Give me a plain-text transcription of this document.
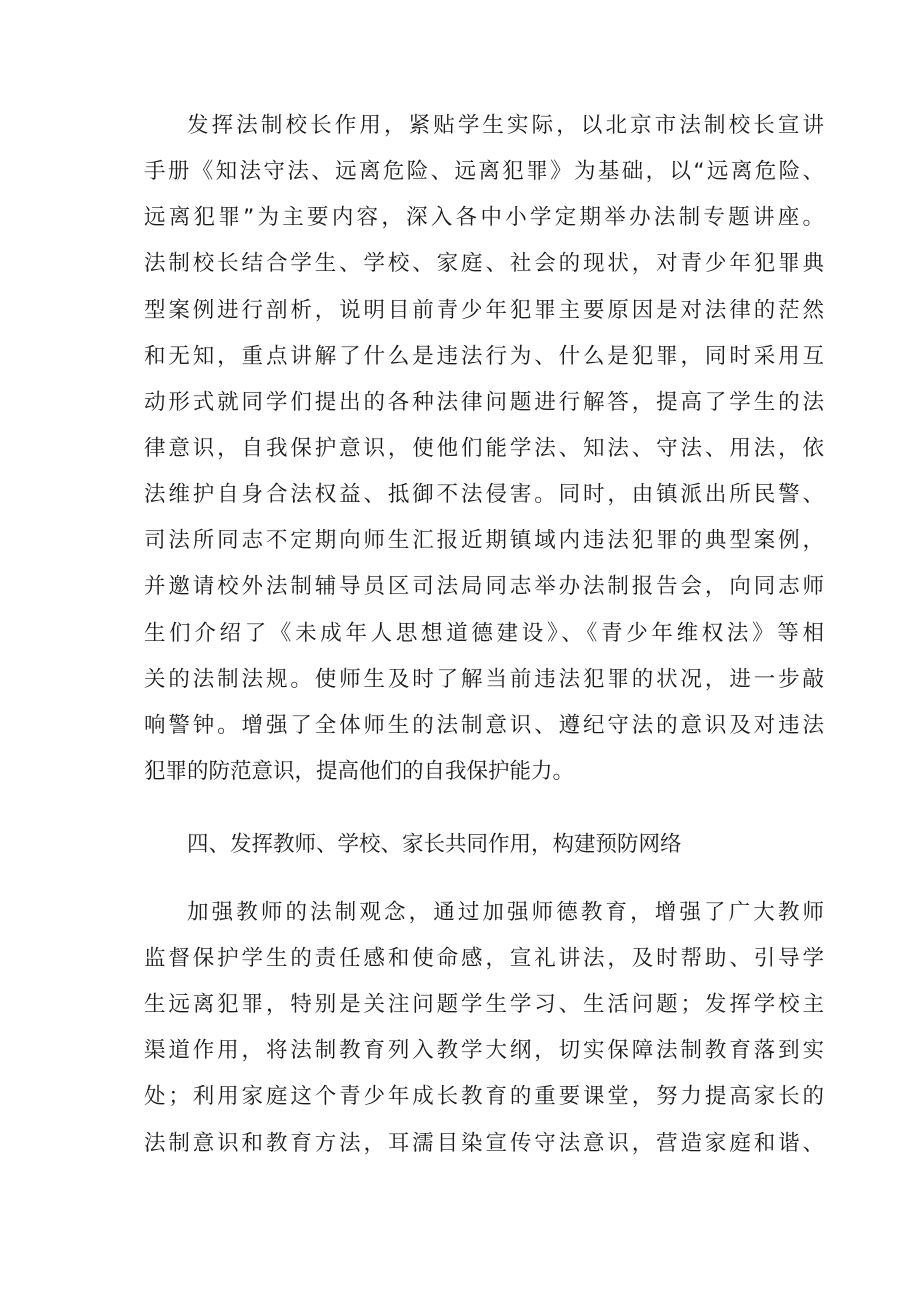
发挥法制校长作用，紧贴学生实际，以北京市法制校长宣讲
手册《知法守法、远离危险、远离犯罪》为基础，以“远离危险、
远离犯罪”为主要内容，深入各中小学定期举办法制专题讲座。
法制校长结合学生、学校、家庭、社会的现状，对青少年犯罪典
型案例进行剖析，说明目前青少年犯罪主要原因是对法律的茫然
和无知，重点讲解了什么是违法行为、什么是犯罪，同时采用互
动形式就同学们提出的各种法律问题进行解答，提高了学生的法
律意识，自我保护意识，使他们能学法、知法、守法、用法，依
法维护自身合法权益、抵御不法侵害。同时，由镇派出所民警、
司法所同志不定期向师生汇报近期镇域内违法犯罪的典型案例，
并邀请校外法制辅导员区司法局同志举办法制报告会，向同志师
生们介绍了《未成年人思想道德建设》、《青少年维权法》等相
关的法制法规。使师生及时了解当前违法犯罪的状况，进一步敲
响警钟。增强了全体师生的法制意识、遵纪守法的意识及对违法
犯罪的防范意识，提高他们的自我保护能力。
四、发挥教师、学校、家长共同作用，构建预防网络
加强教师的法制观念，通过加强师德教育，增强了广大教师
监督保护学生的责任感和使命感，宣礼讲法，及时帮助、引导学
生远离犯罪，特别是关注问题学生学习、生活问题；发挥学校主
渠道作用，将法制教育列入教学大纲，切实保障法制教育落到实
处；利用家庭这个青少年成长教育的重要课堂，努力提高家长的
法制意识和教育方法，耳濡目染宣传守法意识，营造家庭和谐、
